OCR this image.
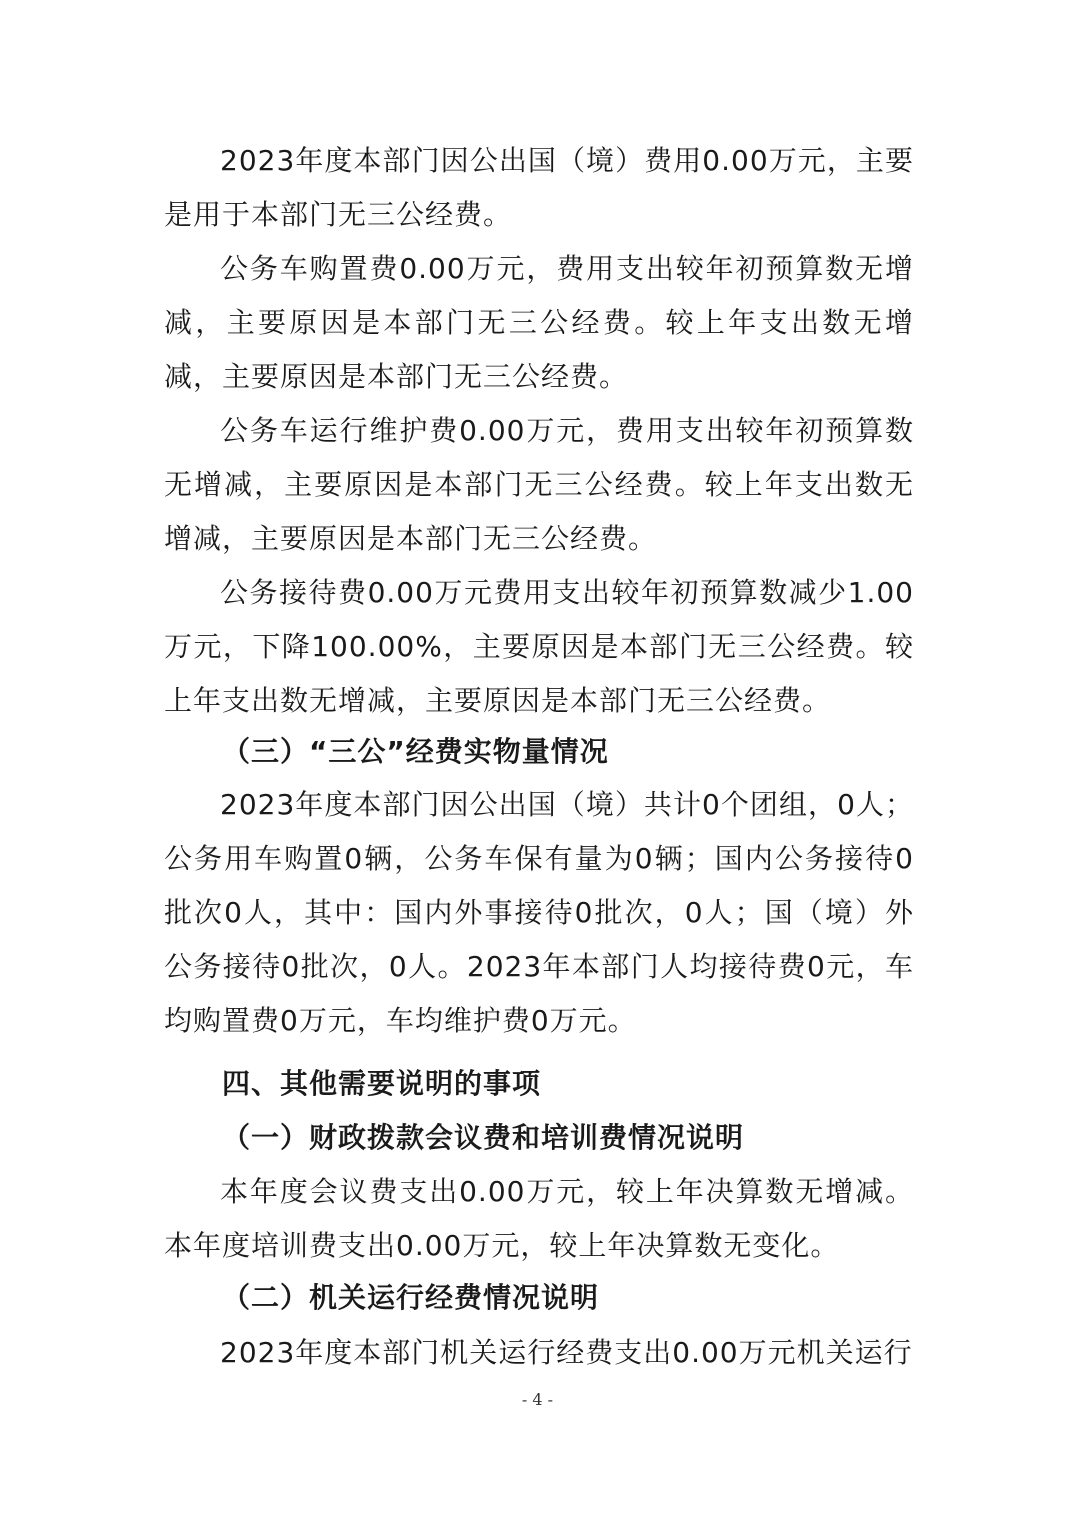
2023年度本部门因公出国（境）费用0.00万元，主要是用于本部门无三公经费。

公务车购置费0.00万元，费用支出较年初预算数无增减，主要原因是本部门无三公经费。较上年支出数无增减，主要原因是本部门无三公经费。

公务车运行维护费0.00万元，费用支出较年初预算数无增减，主要原因是本部门无三公经费。较上年支出数无增减，主要原因是本部门无三公经费。

公务接待费0.00万元费用支出较年初预算数减少1.00万元，下降100.00%，主要原因是本部门无三公经费。较上年支出数无增减，主要原因是本部门无三公经费。

（三）“三公”经费实物量情况

2023年度本部门因公出国（境）共计0个团组，0人；公务用车购置0辆，公务车保有量为0辆；国内公务接待0批次0人，其中：国内外事接待0批次，0人；国（境）外公务接待0批次，0人。2023年本部门人均接待费0元，车均购置费0万元，车均维护费0万元。

四、其他需要说明的事项
（一）财政拨款会议费和培训费情况说明

本年度会议费支出0.00万元，较上年决算数无增减。本年度培训费支出0.00万元，较上年决算数无变化。

（二）机关运行经费情况说明

2023年度本部门机关运行经费支出0.00万元机关运行

- 4 -
